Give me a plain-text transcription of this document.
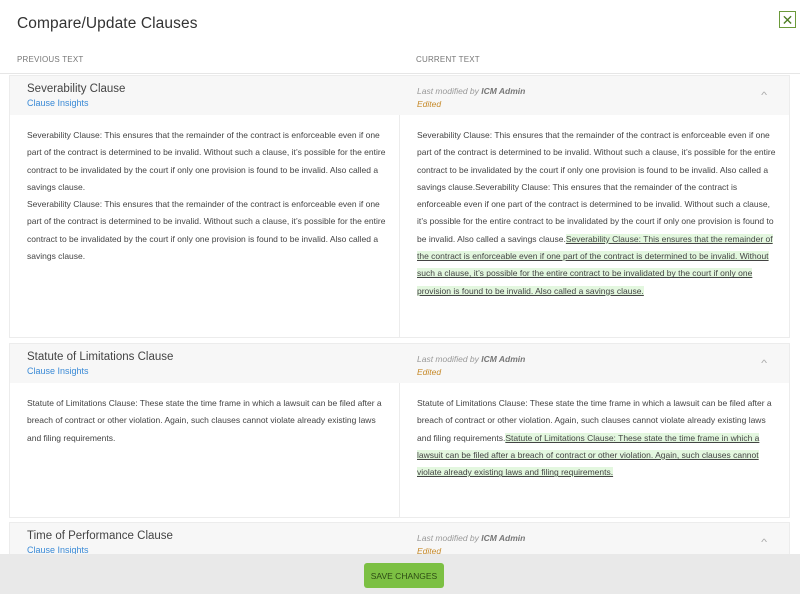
Compare/Update Clauses	✕
PREVIOUS TEXT	CURRENT TEXT
Severability Clause
Clause Insights
Last modified by ICM Admin
Edited
^
Severability Clause: This ensures that the remainder of the contract is enforceable even if one part of the contract is determined to be invalid. Without such a clause, it’s possible for the entire contract to be invalidated by the court if only one provision is found to be invalid. Also called a savings clause.
Severability Clause: This ensures that the remainder of the contract is enforceable even if one part of the contract is determined to be invalid. Without such a clause, it’s possible for the entire contract to be invalidated by the court if only one provision is found to be invalid. Also called a savings clause.
Severability Clause: This ensures that the remainder of the contract is enforceable even if one part of the contract is determined to be invalid. Without such a clause, it’s possible for the entire contract to be invalidated by the court if only one provision is found to be invalid. Also called a savings clause.Severability Clause: This ensures that the remainder of the contract is enforceable even if one part of the contract is determined to be invalid. Without such a clause, it’s possible for the entire contract to be invalidated by the court if only one provision is found to be invalid. Also called a savings clause.Severability Clause: This ensures that the remainder of the contract is enforceable even if one part of the contract is determined to be invalid. Without such a clause, it’s possible for the entire contract to be invalidated by the court if only one provision is found to be invalid. Also called a savings clause.
Statute of Limitations Clause
Clause Insights
Last modified by ICM Admin
Edited
^
Statute of Limitations Clause: These state the time frame in which a lawsuit can be filed after a breach of contract or other violation. Again, such clauses cannot violate already existing laws and filing requirements.
Statute of Limitations Clause: These state the time frame in which a lawsuit can be filed after a breach of contract or other violation. Again, such clauses cannot violate already existing laws and filing requirements.Statute of Limitations Clause: These state the time frame in which a lawsuit can be filed after a breach of contract or other violation. Again, such clauses cannot violate already existing laws and filing requirements.
Time of Performance Clause
Clause Insights
Last modified by ICM Admin
Edited
^
SAVE CHANGES
